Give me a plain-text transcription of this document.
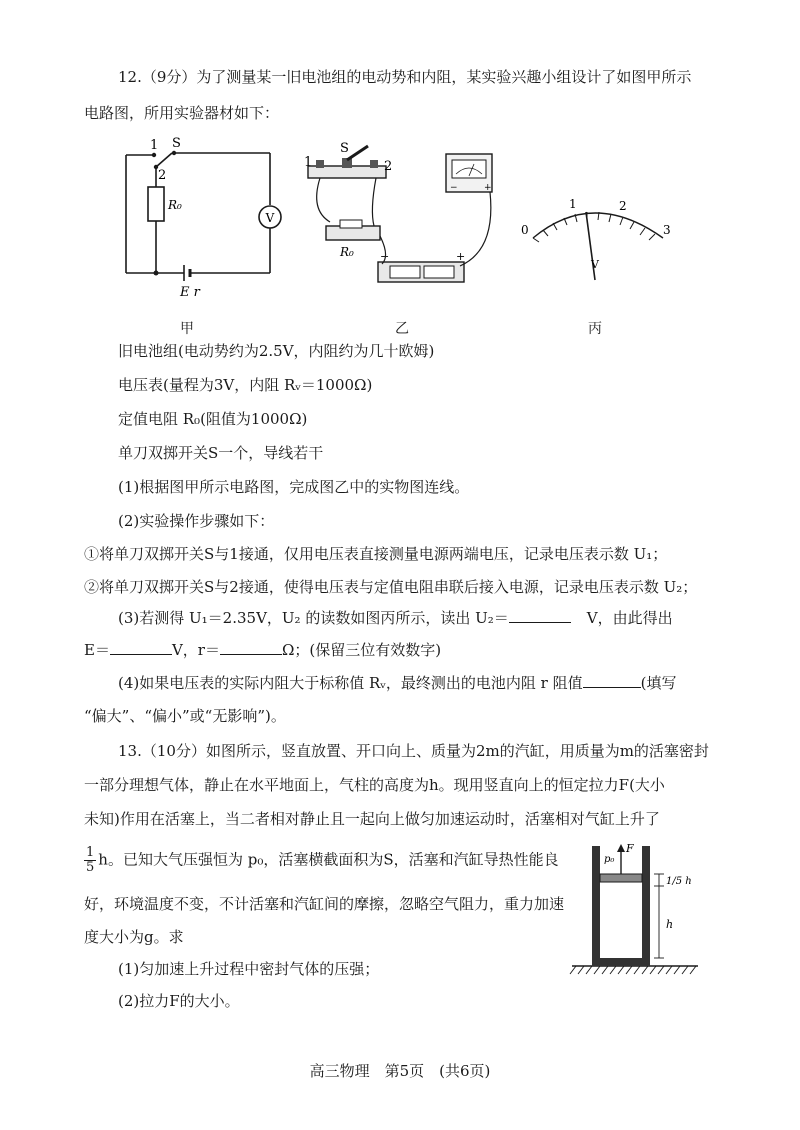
12.（9分）为了测量某一旧电池组的电动势和内阻，某实验兴趣小组设计了如图甲所示
电路图，所用实验器材如下：
V
1 S
2
R₀
E r
1
S
2
−	+
R₀ −	+
0
1	2
3
V
甲	乙	丙
旧电池组(电动势约为2.5V，内阻约为几十欧姆)
电压表(量程为3V，内阻 Rᵥ＝1000Ω)
定值电阻 R₀(阻值为1000Ω)
单刀双掷开关S一个，导线若干
(1)根据图甲所示电路图，完成图乙中的实物图连线。
(2)实验操作步骤如下：
①将单刀双掷开关S与1接通，仅用电压表直接测量电源两端电压，记录电压表示数 U₁；
②将单刀双掷开关S与2接通，使得电压表与定值电阻串联后接入电源，记录电压表示数 U₂；
(3)若测得 U₁＝2.35V，U₂ 的读数如图丙所示，读出 U₂＝	V，由此得出
E＝	V，r＝	Ω；(保留三位有效数字)
(4)如果电压表的实际内阻大于标称值 Rᵥ，最终测出的电池内阻 r 阻值	(填写
“偏大”、“偏小”或“无影响”)。
13.（10分）如图所示，竖直放置、开口向上、质量为2m的汽缸，用质量为m的活塞密封
一部分理想气体，静止在水平地面上，气柱的高度为h。现用竖直向上的恒定拉力F(大小
未知)作用在活塞上，当二者相对静止且一起向上做匀加速运动时，活塞相对气缸上升了
$\frac{1}{5}$ h。已知大气压强恒为 p₀，活塞横截面积为S，活塞和汽缸导热性能良
好，环境温度不变，不计活塞和汽缸间的摩擦，忽略空气阻力，重力加速
度大小为g。求
(1)匀加速上升过程中密封气体的压强；
(2)拉力F的大小。
F
p₀
1/5 h
h
高三物理　第5页　(共6页)
